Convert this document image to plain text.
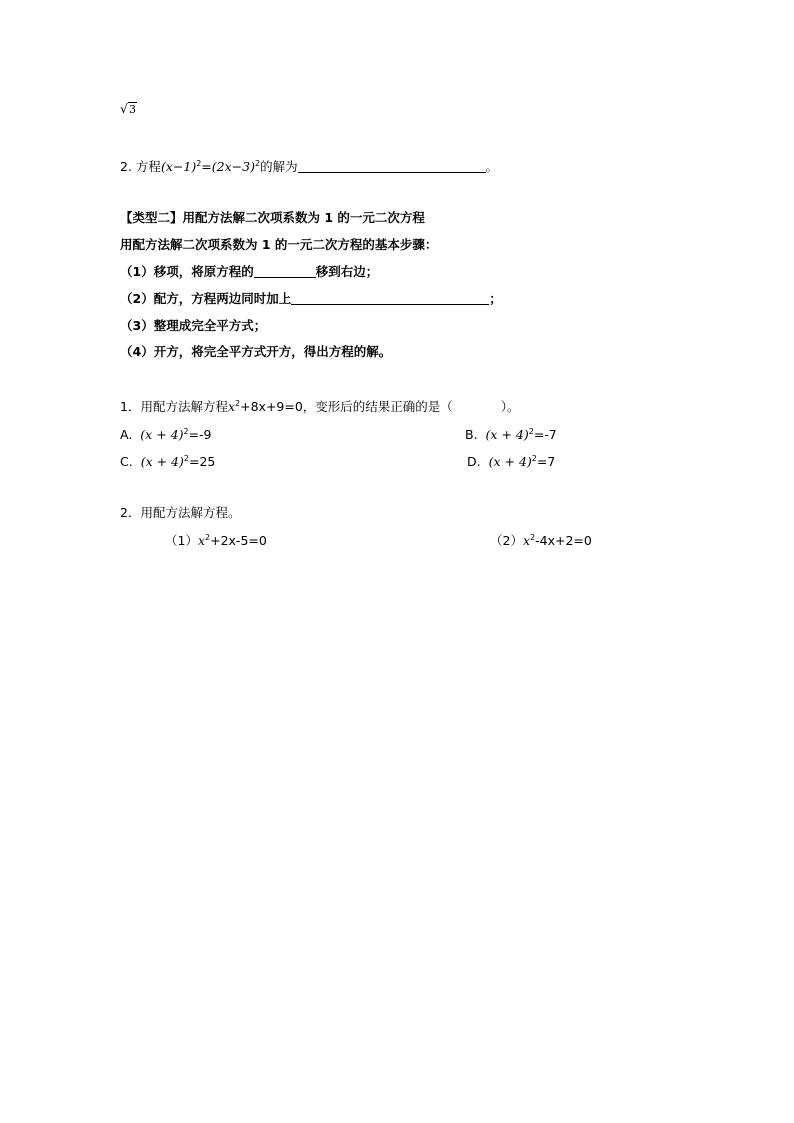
√3
2. 方程$(x-1)^2=(2x-3)^2$的解为	。
【类型二】用配方法解二次项系数为 1 的一元二次方程
用配方法解二次项系数为 1 的一元二次方程的基本步骤：
（1）移项，将原方程的	移到右边；
（2）配方，方程两边同时加上	；
（3）整理成完全平方式；
（4）开方，将完全平方式开方，得出方程的解。
1．用配方法解方程$x^2+8x+9=0$，变形后的结果正确的是（	）。
A. $(x + 4)^2=-9$	B. $(x + 4)^2=-7$
C. $(x + 4)^2=25$	D. $(x + 4)^2=7$
2．用配方法解方程。
$(1)x^2+2x-5=0$	$(2)x^2-4x+2=0$
